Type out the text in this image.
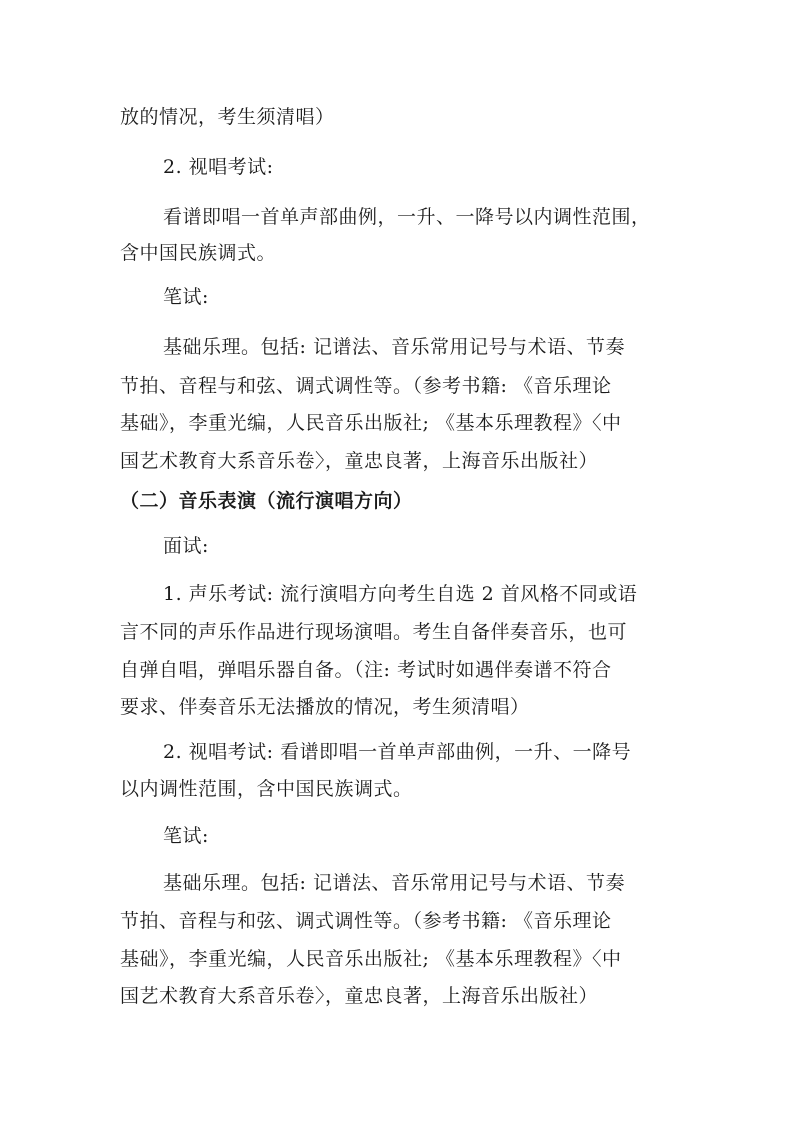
放的情况，考生须清唱）

2. 视唱考试:

看谱即唱一首单声部曲例，一升、一降号以内调性范围，

含中国民族调式。

笔试:

基础乐理。包括: 记谱法、音乐常用记号与术语、节奏

节拍、音程与和弦、调式调性等。（参考书籍: 《音乐理论

基础》，李重光编，人民音乐出版社; 《基本乐理教程》〈中

国艺术教育大系音乐卷〉，童忠良著，上海音乐出版社）

（二）音乐表演（流行演唱方向）

面试:

1. 声乐考试: 流行演唱方向考生自选 2 首风格不同或语

言不同的声乐作品进行现场演唱。考生自备伴奏音乐，也可

自弹自唱，弹唱乐器自备。（注: 考试时如遇伴奏谱不符合

要求、伴奏音乐无法播放的情况，考生须清唱）

2. 视唱考试: 看谱即唱一首单声部曲例，一升、一降号

以内调性范围，含中国民族调式。

笔试:

基础乐理。包括: 记谱法、音乐常用记号与术语、节奏

节拍、音程与和弦、调式调性等。（参考书籍: 《音乐理论

基础》，李重光编，人民音乐出版社; 《基本乐理教程》〈中

国艺术教育大系音乐卷〉，童忠良著，上海音乐出版社）
